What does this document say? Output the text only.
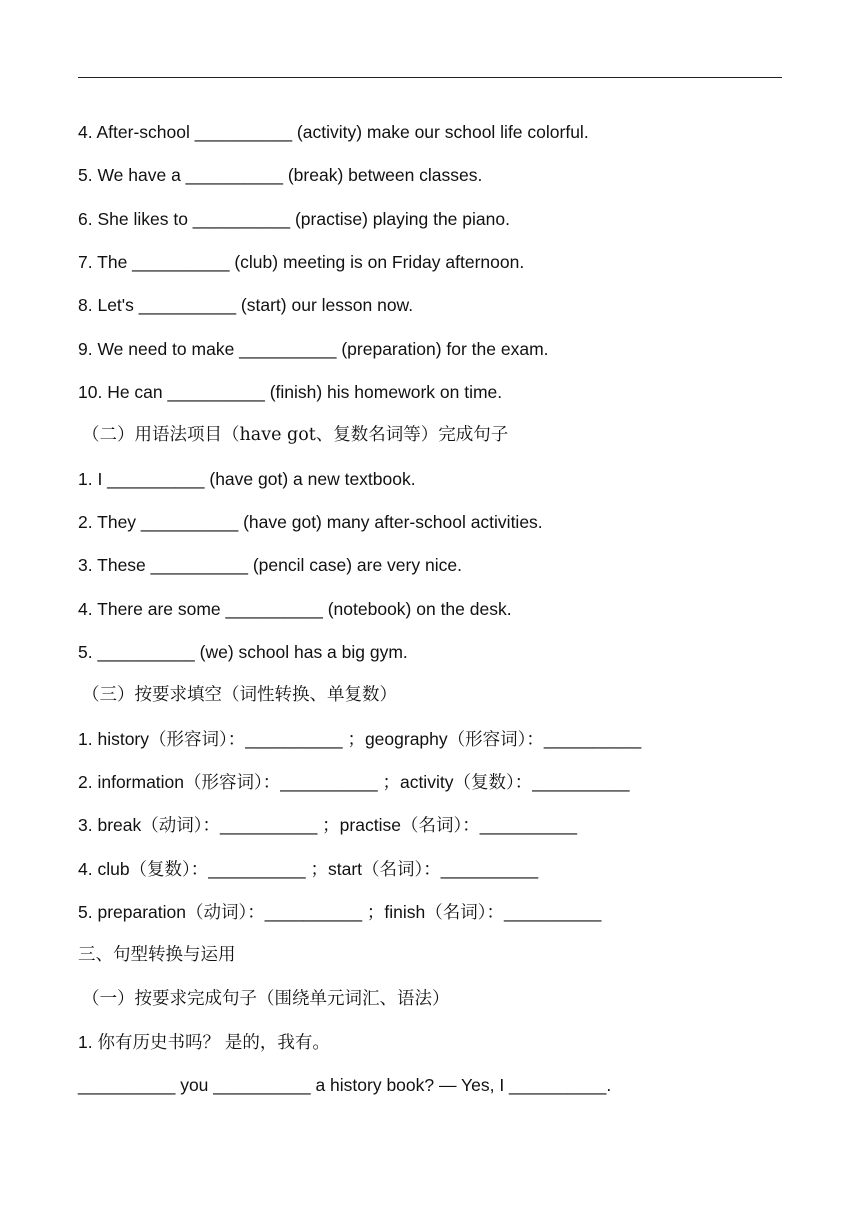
4. After-school __________ (activity) make our school life colorful.
5. We have a __________ (break) between classes.
6. She likes to __________ (practise) playing the piano.
7. The __________ (club) meeting is on Friday afternoon.
8. Let's __________ (start) our lesson now.
9. We need to make __________ (preparation) for the exam.
10. He can __________ (finish) his homework on time.
（二）用语法项目（have got、复数名词等）完成句子
1. I __________ (have got) a new textbook.
2. They __________ (have got) many after-school activities.
3. These __________ (pencil case) are very nice.
4. There are some __________ (notebook) on the desk.
5. __________ (we) school has a big gym.
（三）按要求填空（词性转换、单复数）
1. history（形容词）：__________ ；geography（形容词）：__________
2. information（形容词）：__________ ；activity（复数）：__________
3. break（动词）：__________ ；practise（名词）：__________
4. club（复数）：__________ ；start（名词）：__________
5. preparation（动词）：__________ ；finish（名词）：__________
三、句型转换与运用
（一）按要求完成句子（围绕单元词汇、语法）
1. 你有历史书吗？ 是的，我有。
__________ you __________ a history book? — Yes, I __________.
